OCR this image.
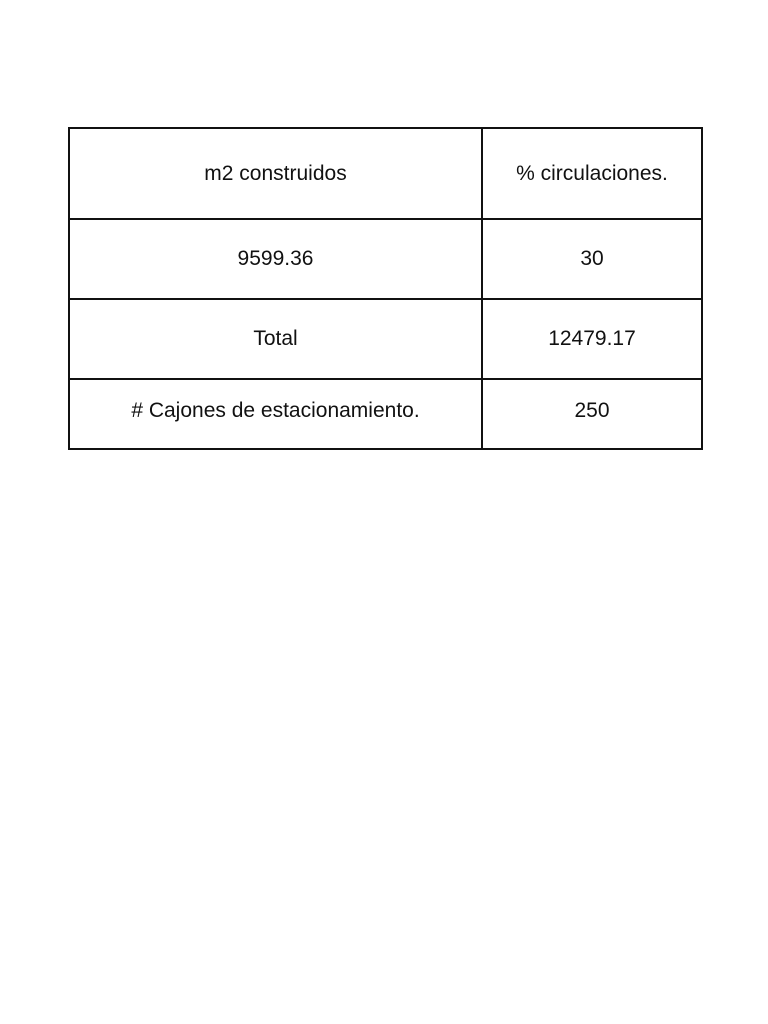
m2 construidos	% circulaciones.
9599.36	30
Total	12479.17
# Cajones de estacionamiento.	250
